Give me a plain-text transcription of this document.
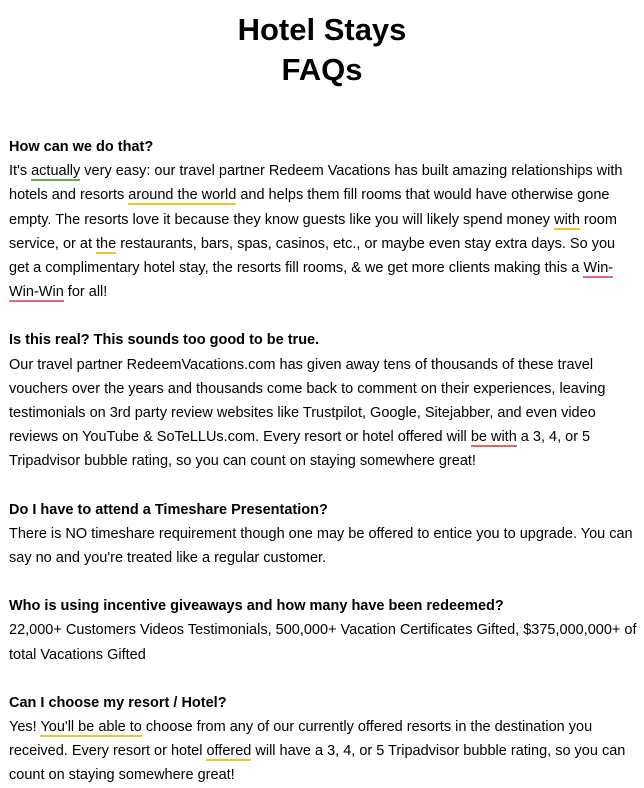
Hotel Stays
FAQs
How can we do that?
It's actually very easy: our travel partner Redeem Vacations has built amazing relationships with hotels and resorts around the world and helps them fill rooms that would have otherwise gone empty. The resorts love it because they know guests like you will likely spend money with room service, or at the restaurants, bars, spas, casinos, etc., or maybe even stay extra days. So you get a complimentary hotel stay, the resorts fill rooms, & we get more clients making this a Win-Win-Win for all!
Is this real? This sounds too good to be true.
Our travel partner RedeemVacations.com has given away tens of thousands of these travel vouchers over the years and thousands come back to comment on their experiences, leaving testimonials on 3rd party review websites like Trustpilot, Google, Sitejabber, and even video reviews on YouTube & SoTeLLUs.com. Every resort or hotel offered will be with a 3, 4, or 5 Tripadvisor bubble rating, so you can count on staying somewhere great!
Do I have to attend a Timeshare Presentation?
There is NO timeshare requirement though one may be offered to entice you to upgrade. You can say no and you're treated like a regular customer.
Who is using incentive giveaways and how many have been redeemed?
22,000+ Customers Videos Testimonials, 500,000+ Vacation Certificates Gifted, $375,000,000+ of total Vacations Gifted
Can I choose my resort / Hotel?
Yes! You'll be able to choose from any of our currently offered resorts in the destination you received. Every resort or hotel offered will have a 3, 4, or 5 Tripadvisor bubble rating, so you can count on staying somewhere great!
